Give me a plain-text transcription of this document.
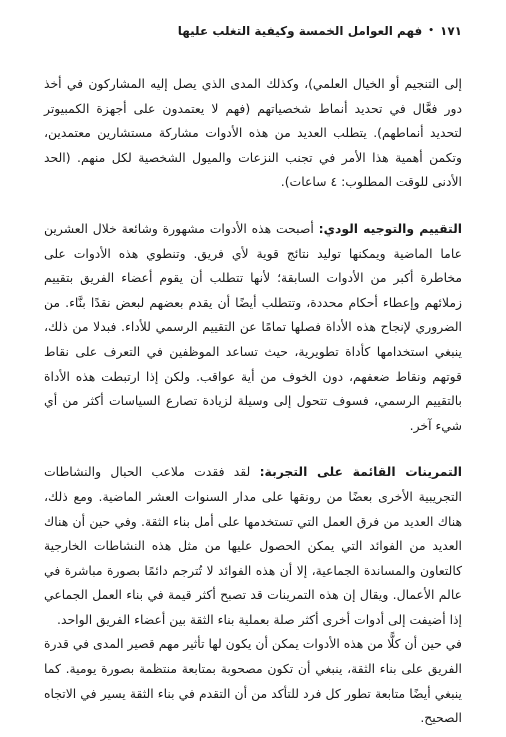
١٧١
•
فهم العوامل الخمسة وكيفية التغلب عليها

إلى التنجيم أو الخيال العلمي)، وكذلك المدى الذي يصل إليه المشاركون في أخذ دور فعَّال في تحديد أنماط شخصياتهم (فهم لا يعتمدون على أجهزة الكمبيوتر لتحديد أنماطهم). يتطلب العديد من هذه الأدوات مشاركة مستشارين معتمدين، وتكمن أهمية هذا الأمر في تجنب النزعات والميول الشخصية لكل منهم. (الحد الأدنى للوقت المطلوب: ٤ ساعات).

التقييم والتوجيه الودي: أصبحت هذه الأدوات مشهورة وشائعة خلال العشرين عاما الماضية ويمكنها توليد نتائج قوية لأي فريق. وتنطوي هذه الأدوات على مخاطرة أكبر من الأدوات السابقة؛ لأنها تتطلب أن يقوم أعضاء الفريق بتقييم زملائهم وإعطاء أحكام محددة، وتتطلب أيضًا أن يقدم بعضهم لبعض نقدًا بنَّاء. من الضروري لإنجاح هذه الأداة فصلها تمامًا عن التقييم الرسمي للأداء. فبدلا من ذلك، ينبغي استخدامها كأداة تطويرية، حيث تساعد الموظفين في التعرف على نقاط قوتهم ونقاط ضعفهم، دون الخوف من أية عواقب. ولكن إذا ارتبطت هذه الأداة بالتقييم الرسمي، فسوف تتحول إلى وسيلة لزيادة تصارع السياسات أكثر من أي شيء آخر.

التمرينات القائمة على التجربة: لقد فقدت ملاعب الحبال والنشاطات التجريبية الأخرى بعضًا من رونقها على مدار السنوات العشر الماضية. ومع ذلك، هناك العديد من فرق العمل التي تستخدمها على أمل بناء الثقة. وفي حين أن هناك العديد من الفوائد التي يمكن الحصول عليها من مثل هذه النشاطات الخارجية كالتعاون والمساندة الجماعية، إلا أن هذه الفوائد لا تُترجم دائمًا بصورة مباشرة في عالم الأعمال. ويقال إن هذه التمرينات قد تصبح أكثر قيمة في بناء العمل الجماعي إذا أضيفت إلى أدوات أخرى أكثر صلة بعملية بناء الثقة بين أعضاء الفريق الواحد.

في حين أن كلًّا من هذه الأدوات يمكن أن يكون لها تأثير مهم قصير المدى في قدرة الفريق على بناء الثقة، ينبغي أن تكون مصحوبة بمتابعة منتظمة بصورة يومية. كما ينبغي أيضًا متابعة تطور كل فرد للتأكد من أن التقدم في بناء الثقة يسير في الاتجاه الصحيح.
